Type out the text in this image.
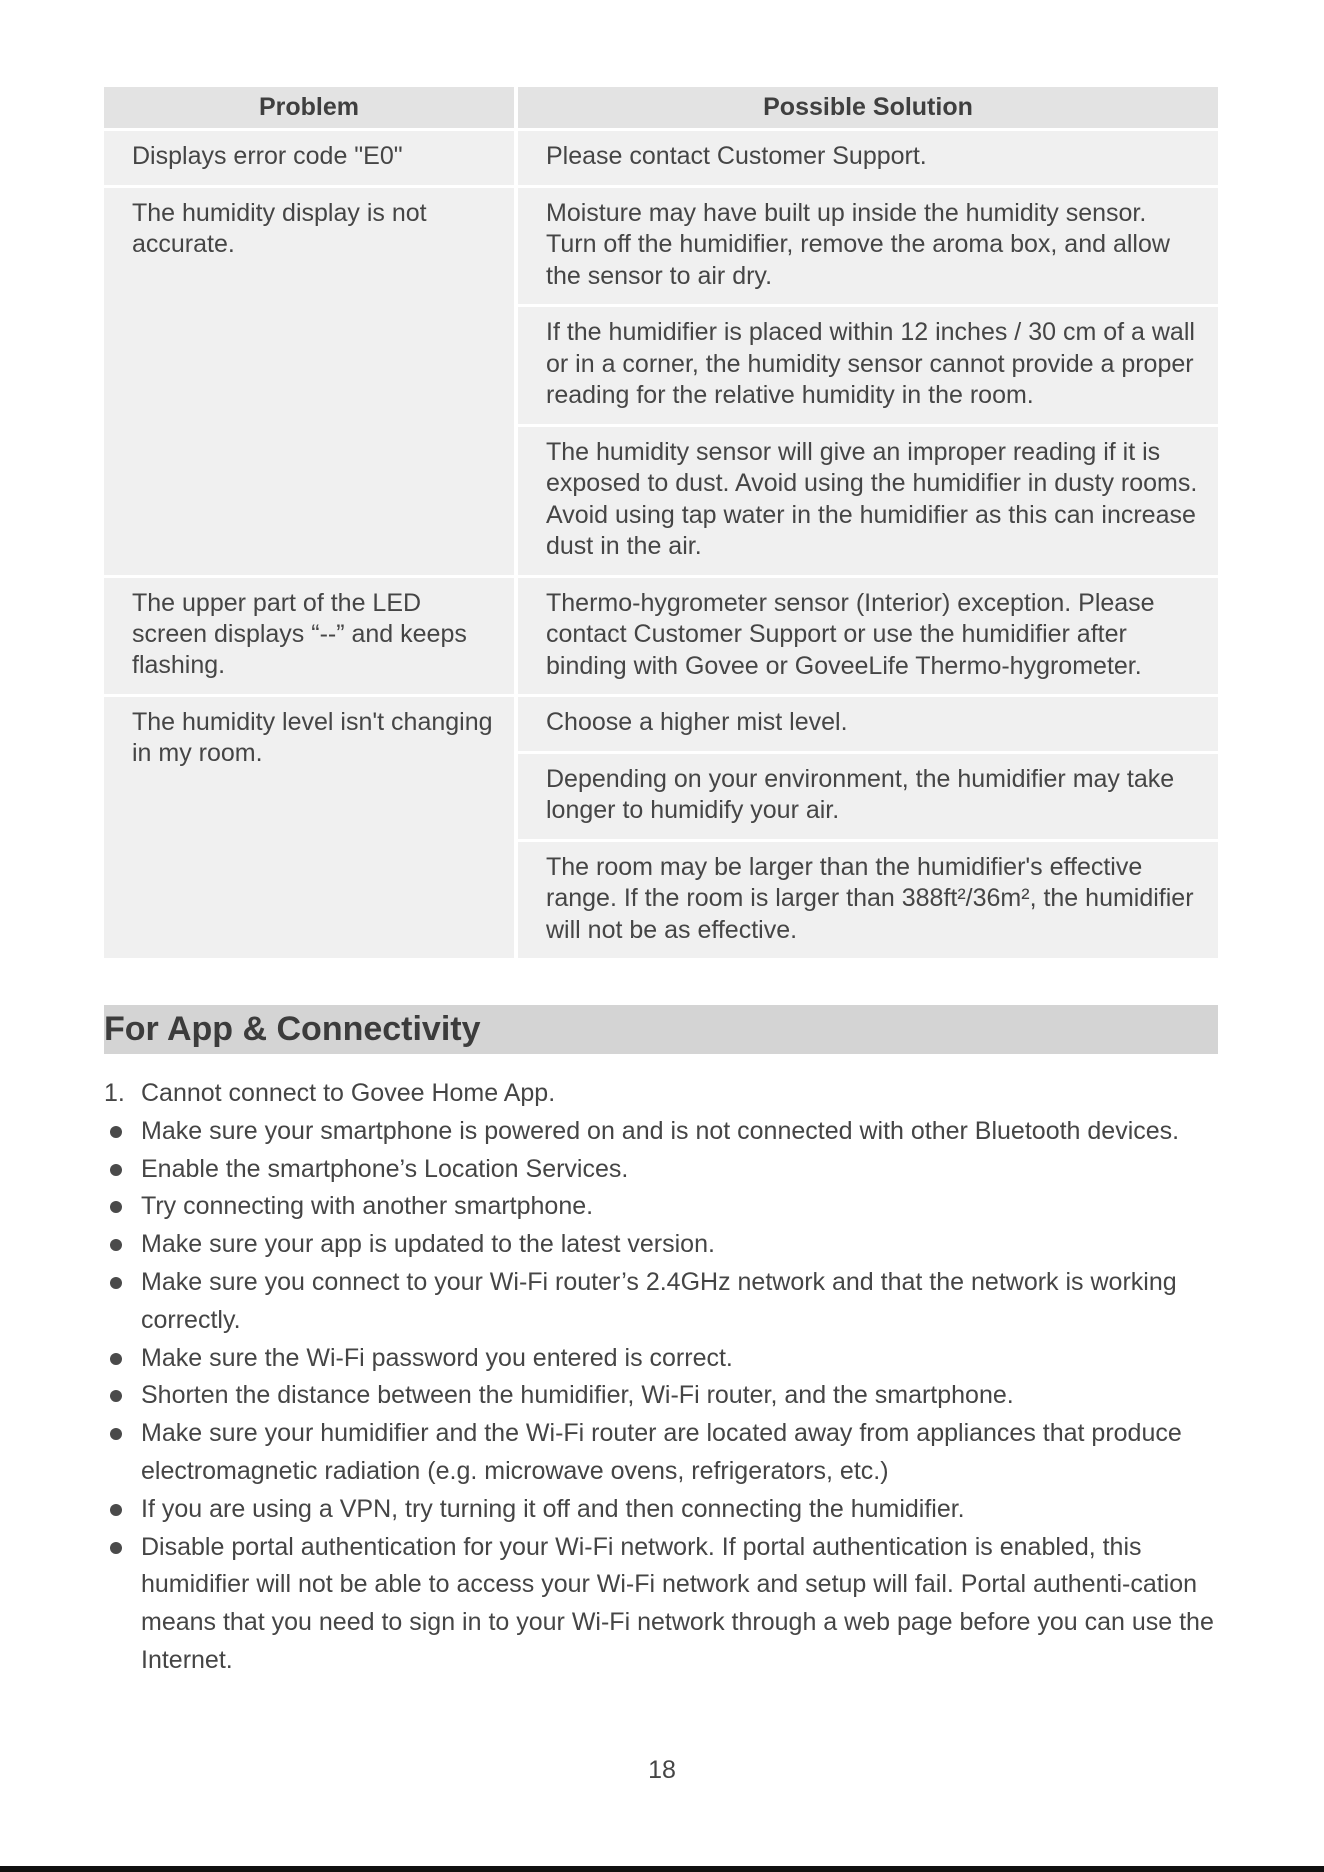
Problem	Possible Solution
Displays error code "E0"	Please contact Customer Support.
The humidity display is not accurate.
Moisture may have built up inside the humidity sensor. Turn off the humidifier, remove the aroma box, and allow the sensor to air dry.
If the humidifier is placed within 12 inches / 30 cm of a wall or in a corner, the humidity sensor cannot provide a proper reading for the relative humidity in the room.
The humidity sensor will give an improper reading if it is exposed to dust. Avoid using the humidifier in dusty rooms. Avoid using tap water in the humidifier as this can increase dust in the air.
The upper part of the LED screen displays “--” and keeps flashing.
Thermo-hygrometer sensor (Interior) exception. Please contact Customer Support or use the humidifier after binding with Govee or GoveeLife Thermo-hygrometer.
The humidity level isn't changing in my room.
Choose a higher mist level.
Depending on your environment, the humidifier may take longer to humidify your air.
The room may be larger than the humidifier's effective range. If the room is larger than 388ft²/36m², the humidifier will not be as effective.
For App & Connectivity
1. Cannot connect to Govee Home App.
Make sure your smartphone is powered on and is not connected with other Bluetooth devices.
Enable the smartphone’s Location Services.
Try connecting with another smartphone.
Make sure your app is updated to the latest version.
Make sure you connect to your Wi-Fi router’s 2.4GHz network and that the network is working correctly.
Make sure the Wi-Fi password you entered is correct.
Shorten the distance between the humidifier, Wi-Fi router, and the smartphone.
Make sure your humidifier and the Wi-Fi router are located away from appliances that produce electromagnetic radiation (e.g. microwave ovens, refrigerators, etc.)
If you are using a VPN, try turning it off and then connecting the humidifier.
Disable portal authentication for your Wi-Fi network. If portal authentication is enabled, this humidifier will not be able to access your Wi-Fi network and setup will fail. Portal authenti-cation means that you need to sign in to your Wi-Fi network through a web page before you can use the Internet.
18
